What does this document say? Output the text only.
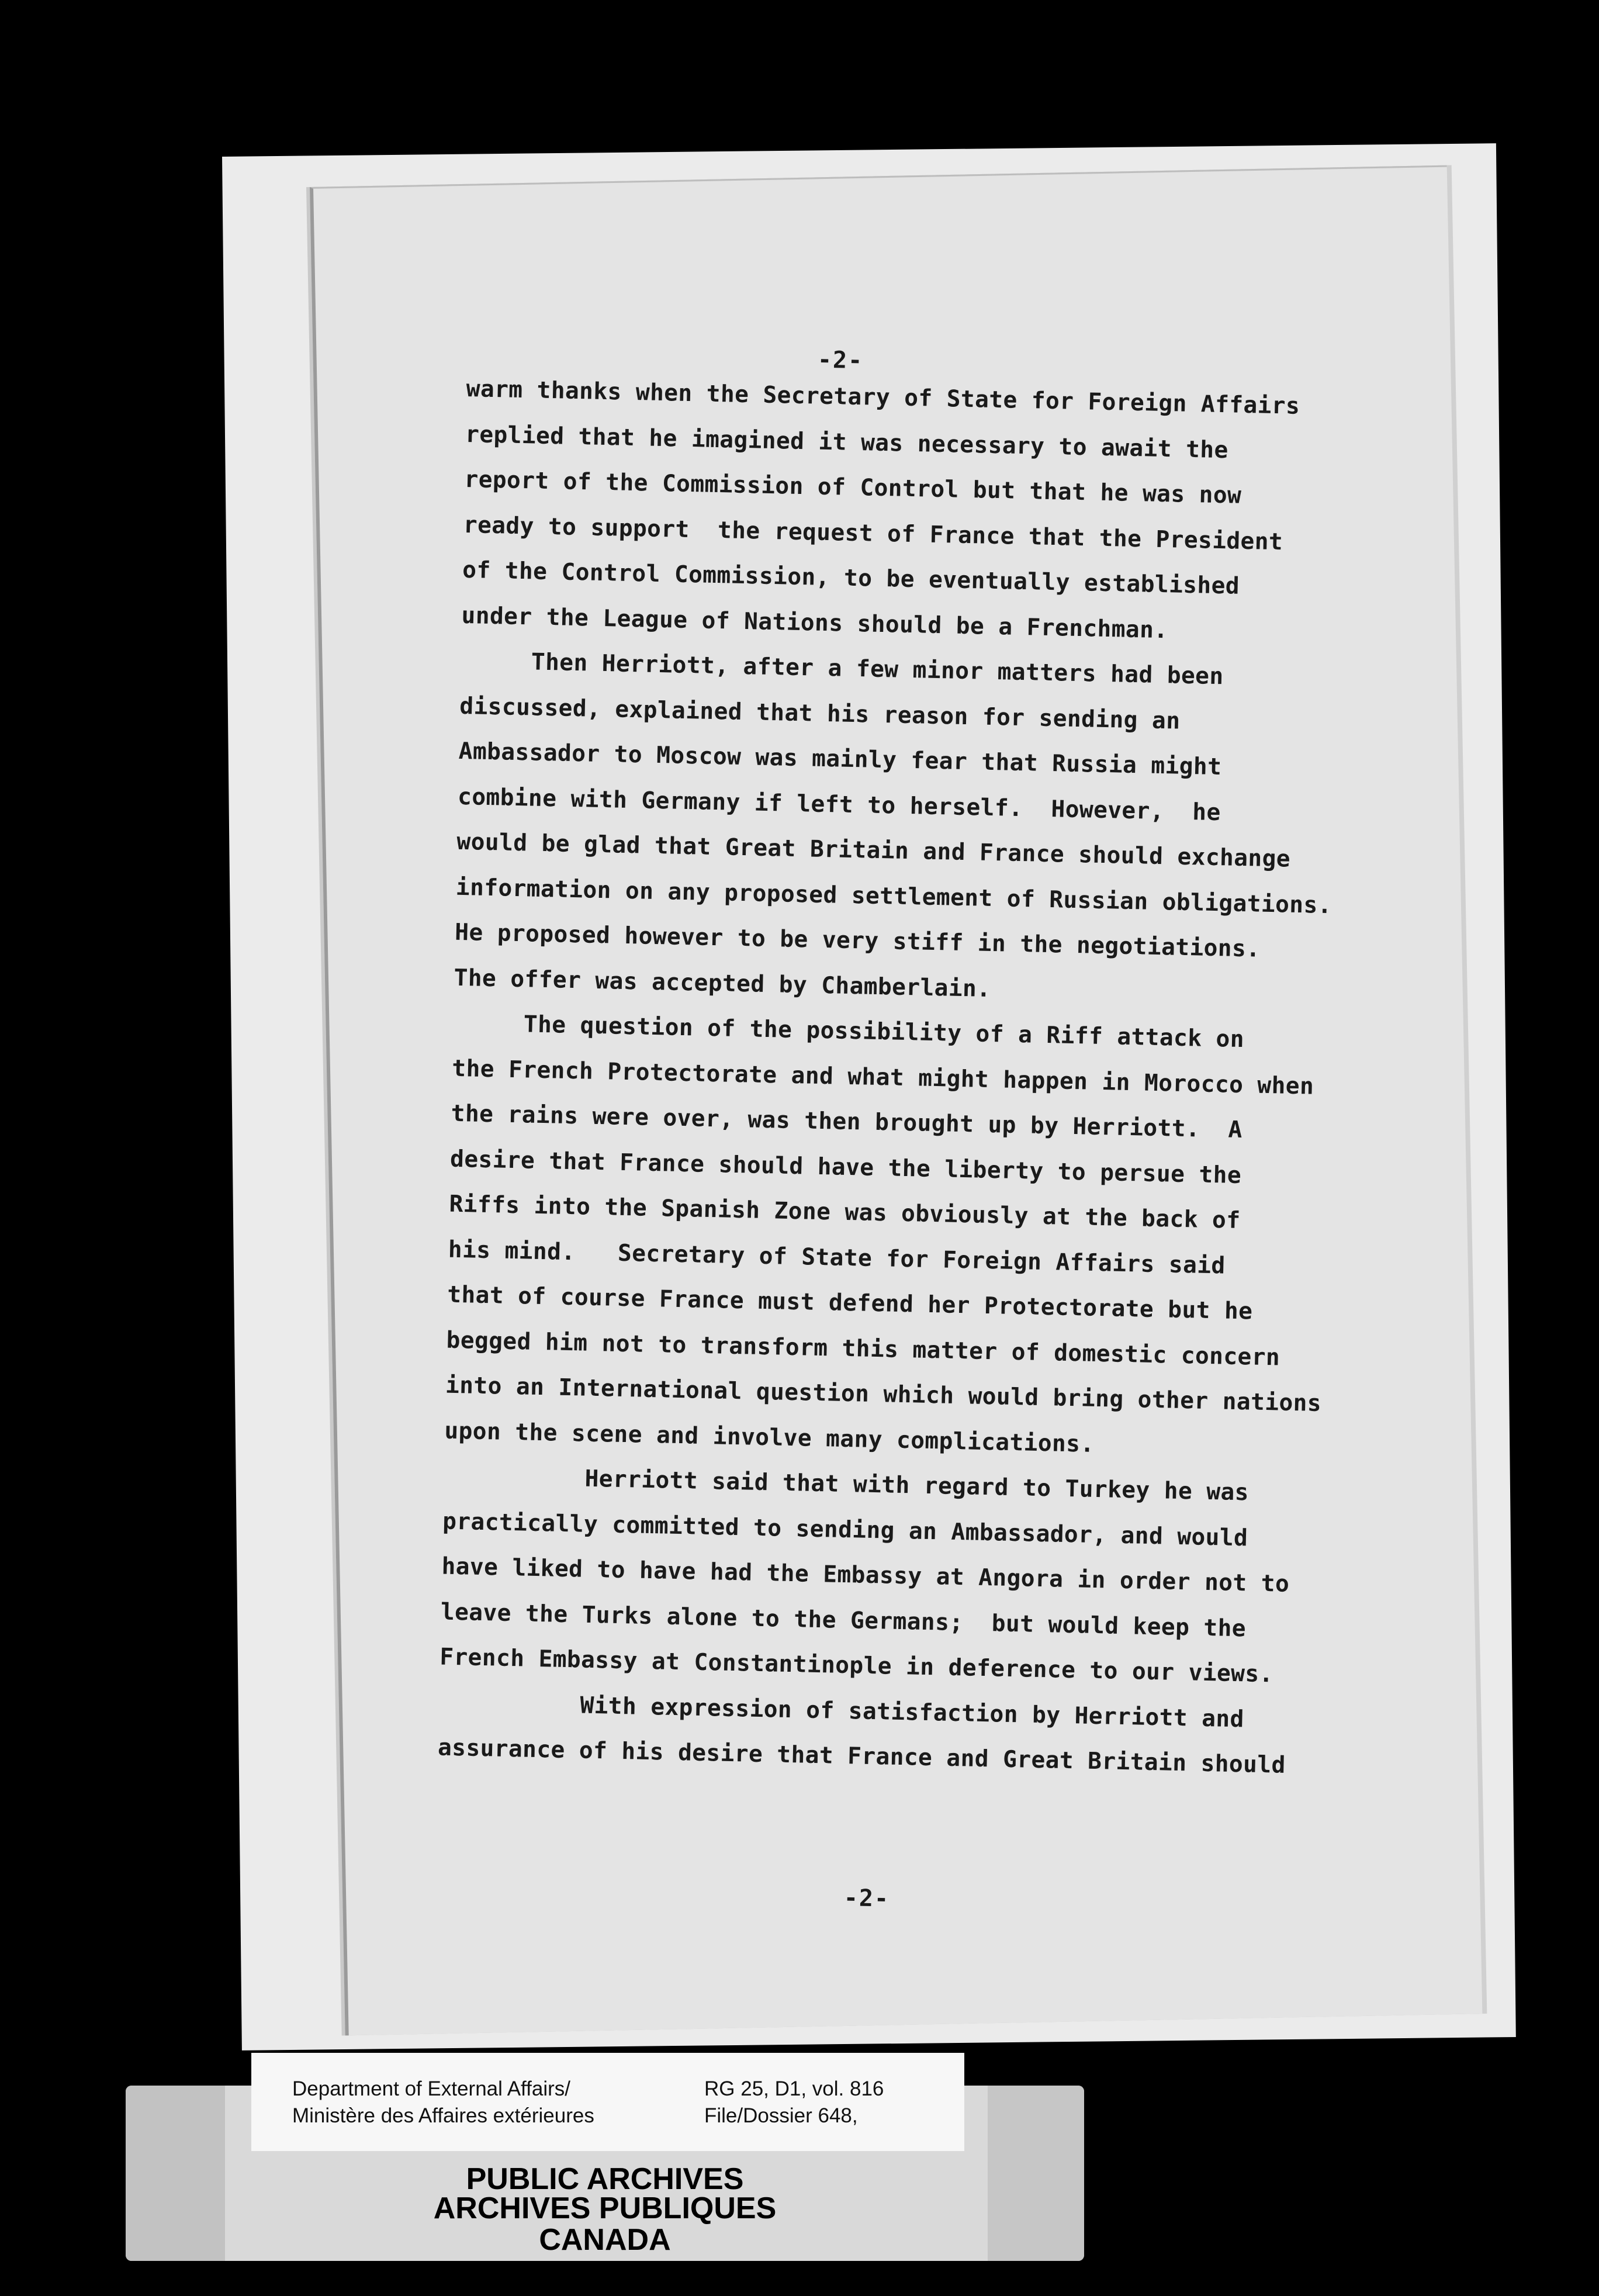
-2-
warm thanks when the Secretary of State for Foreign Affairs
replied that he imagined it was necessary to await the
report of the Commission of Control but that he was now
ready to support  the request of France that the President
of the Control Commission, to be eventually established
under the League of Nations should be a Frenchman.
Then Herriott, after a few minor matters had been
discussed, explained that his reason for sending an
Ambassador to Moscow was mainly fear that Russia might
combine with Germany if left to herself.  However,  he
would be glad that Great Britain and France should exchange
information on any proposed settlement of Russian obligations.
He proposed however to be very stiff in the negotiations.
The offer was accepted by Chamberlain.
The question of the possibility of a Riff attack on
the French Protectorate and what might happen in Morocco when
the rains were over, was then brought up by Herriott.  A
desire that France should have the liberty to persue the
Riffs into the Spanish Zone was obviously at the back of
his mind.   Secretary of State for Foreign Affairs said
that of course France must defend her Protectorate but he
begged him not to transform this matter of domestic concern
into an International question which would bring other nations
upon the scene and involve many complications.
Herriott said that with regard to Turkey he was
practically committed to sending an Ambassador, and would
have liked to have had the Embassy at Angora in order not to
leave the Turks alone to the Germans;  but would keep the
French Embassy at Constantinople in deference to our views.
With expression of satisfaction by Herriott and
assurance of his desire that France and Great Britain should
-2-
Department of External Affairs/
Ministère des Affaires extérieures
RG 25, D1, vol. 816
File/Dossier 648,
PUBLIC ARCHIVES
ARCHIVES PUBLIQUES
CANADA
